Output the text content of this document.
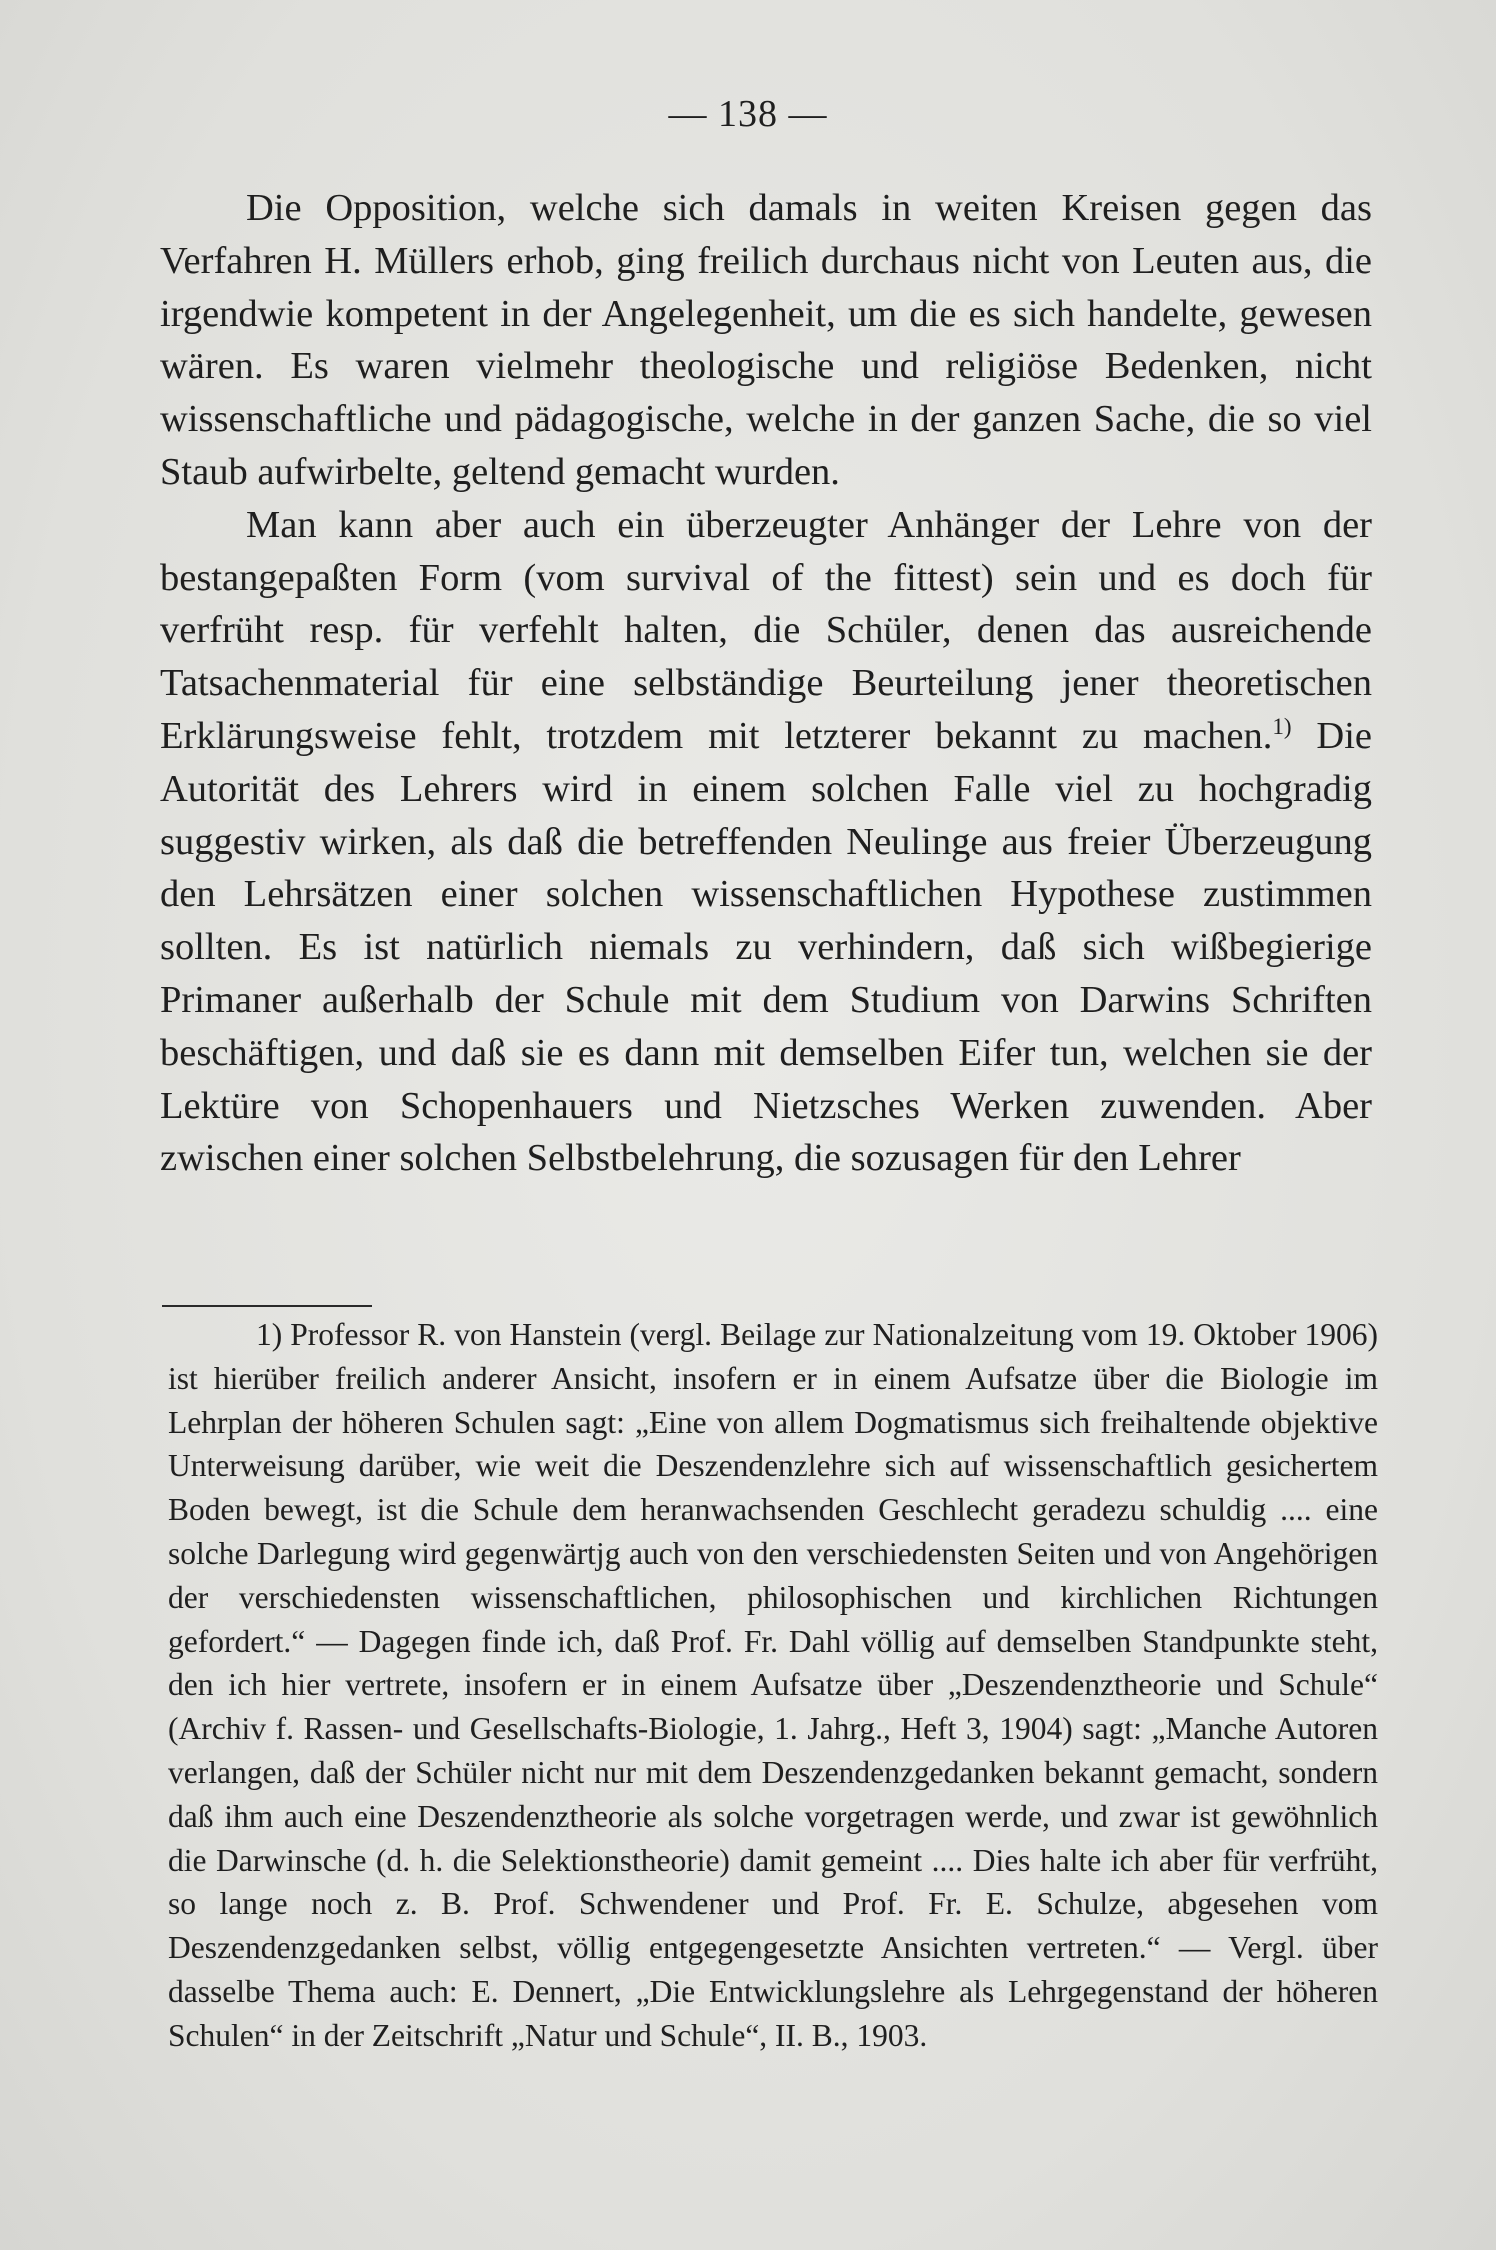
— 138 —

Die Opposition, welche sich damals in weiten Kreisen gegen das Verfahren H. Müllers erhob, ging freilich durchaus nicht von Leuten aus, die irgendwie kompetent in der Angelegenheit, um die es sich handelte, gewesen wären. Es waren vielmehr theologische und religiöse Bedenken, nicht wissenschaftliche und pädagogische, welche in der ganzen Sache, die so viel Staub aufwirbelte, geltend gemacht wurden.

Man kann aber auch ein überzeugter Anhänger der Lehre von der bestangepaßten Form (vom survival of the fittest) sein und es doch für verfrüht resp. für verfehlt halten, die Schüler, denen das ausreichende Tatsachenmaterial für eine selbständige Beurteilung jener theoretischen Erklärungsweise fehlt, trotzdem mit letzterer bekannt zu machen.$^{1)}$ Die Autorität des Lehrers wird in einem solchen Falle viel zu hochgradig suggestiv wirken, als daß die betreffenden Neulinge aus freier Überzeugung den Lehrsätzen einer solchen wissenschaftlichen Hypothese zustimmen sollten. Es ist natürlich niemals zu verhindern, daß sich wißbegierige Primaner außerhalb der Schule mit dem Studium von Darwins Schriften beschäftigen, und daß sie es dann mit demselben Eifer tun, welchen sie der Lektüre von Schopenhauers und Nietzsches Werken zuwenden. Aber zwischen einer solchen Selbstbelehrung, die sozusagen für den Lehrer

1) Professor R. von Hanstein (vergl. Beilage zur Nationalzeitung vom 19. Oktober 1906) ist hierüber freilich anderer Ansicht, insofern er in einem Aufsatze über die Biologie im Lehrplan der höheren Schulen sagt: „Eine von allem Dogmatismus sich freihaltende objektive Unterweisung darüber, wie weit die Deszendenzlehre sich auf wissenschaftlich gesichertem Boden bewegt, ist die Schule dem heranwachsenden Geschlecht geradezu schuldig .... eine solche Darlegung wird gegenwärtjg auch von den verschiedensten Seiten und von Angehörigen der verschiedensten wissenschaftlichen, philosophischen und kirchlichen Richtungen gefordert.“ — Dagegen finde ich, daß Prof. Fr. Dahl völlig auf demselben Standpunkte steht, den ich hier vertrete, insofern er in einem Aufsatze über „Deszendenztheorie und Schule“ (Archiv f. Rassen- und Gesellschafts-Biologie, 1. Jahrg., Heft 3, 1904) sagt: „Manche Autoren verlangen, daß der Schüler nicht nur mit dem Deszendenzgedanken bekannt gemacht, sondern daß ihm auch eine Deszendenztheorie als solche vorgetragen werde, und zwar ist gewöhnlich die Darwinsche (d. h. die Selektionstheorie) damit gemeint .... Dies halte ich aber für verfrüht, so lange noch z. B. Prof. Schwendener und Prof. Fr. E. Schulze, abgesehen vom Deszendenzgedanken selbst, völlig entgegengesetzte Ansichten vertreten.“ — Vergl. über dasselbe Thema auch: E. Dennert, „Die Entwicklungslehre als Lehrgegenstand der höheren Schulen“ in der Zeitschrift „Natur und Schule“, II. B., 1903.
